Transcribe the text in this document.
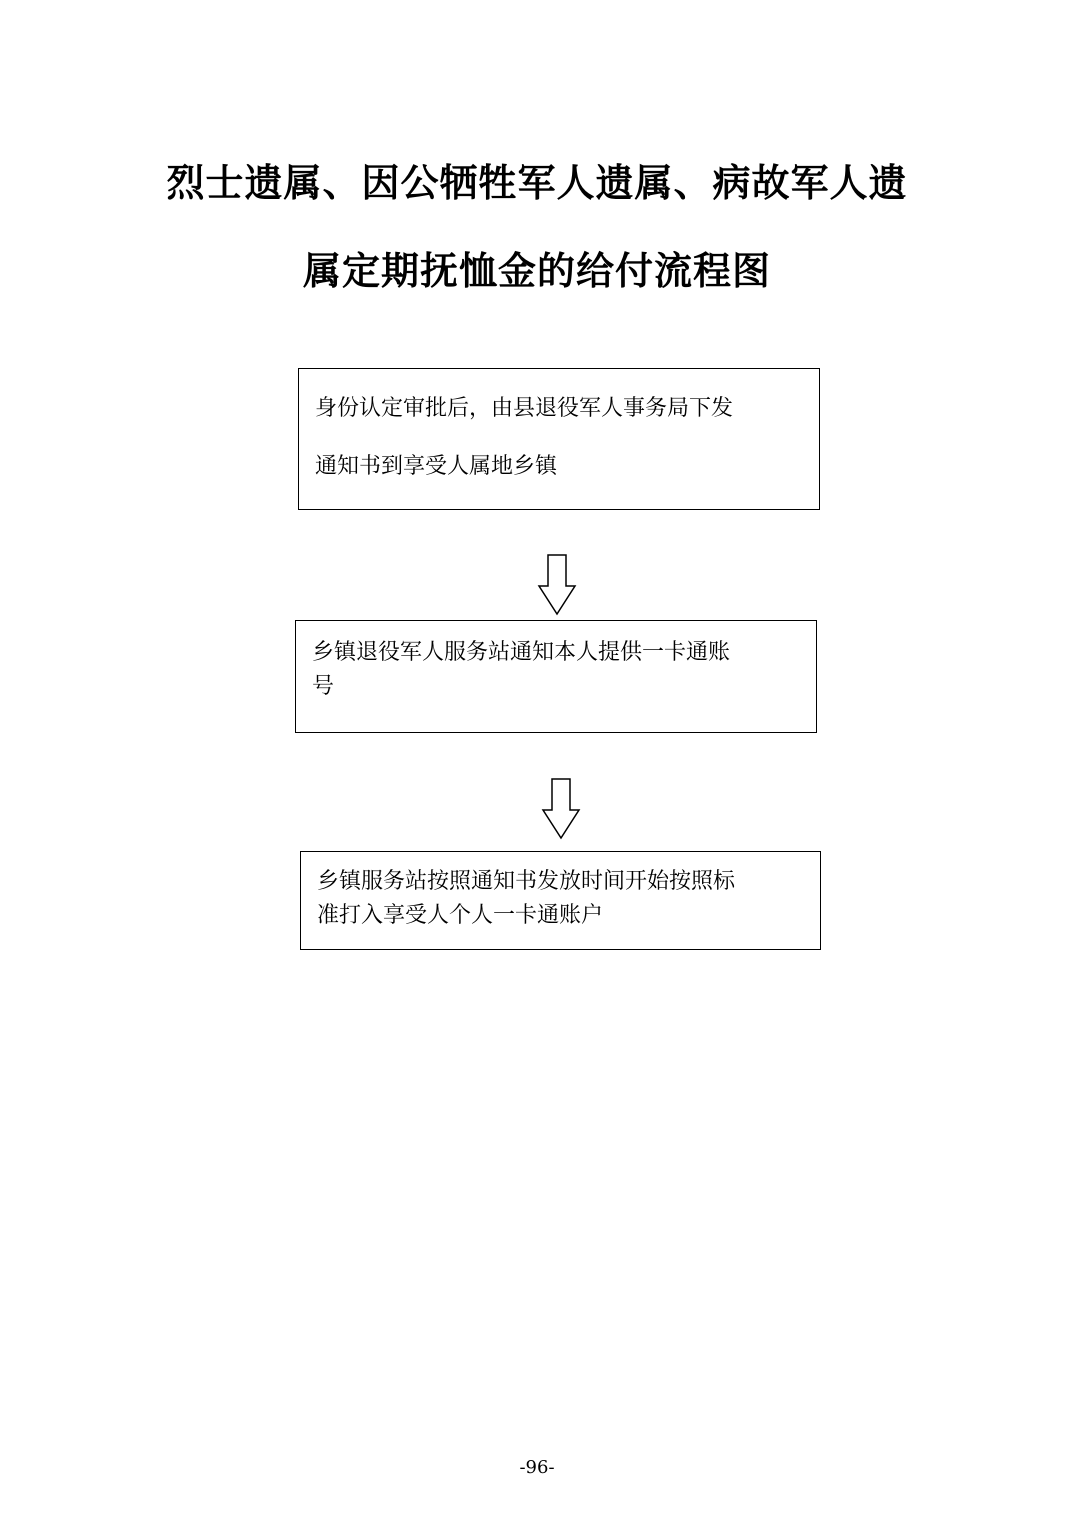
烈士遗属、因公牺牲军人遗属、病故军人遗
属定期抚恤金的给付流程图
身份认定审批后，由县退役军人事务局下发
通知书到享受人属地乡镇
乡镇退役军人服务站通知本人提供一卡通账
号
乡镇服务站按照通知书发放时间开始按照标
准打入享受人个人一卡通账户
-96-
